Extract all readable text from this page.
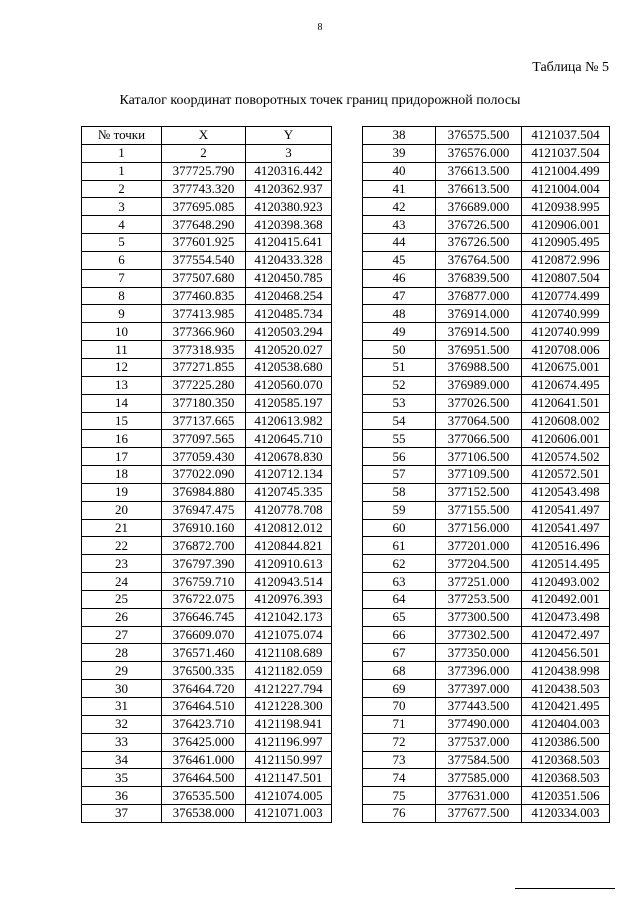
8
Таблица № 5
Каталог координат поворотных точек границ придорожной полосы
№ точки	X	Y
1	2	3
1	377725.790	4120316.442
2	377743.320	4120362.937
3	377695.085	4120380.923
4	377648.290	4120398.368
5	377601.925	4120415.641
6	377554.540	4120433.328
7	377507.680	4120450.785
8	377460.835	4120468.254
9	377413.985	4120485.734
10	377366.960	4120503.294
11	377318.935	4120520.027
12	377271.855	4120538.680
13	377225.280	4120560.070
14	377180.350	4120585.197
15	377137.665	4120613.982
16	377097.565	4120645.710
17	377059.430	4120678.830
18	377022.090	4120712.134
19	376984.880	4120745.335
20	376947.475	4120778.708
21	376910.160	4120812.012
22	376872.700	4120844.821
23	376797.390	4120910.613
24	376759.710	4120943.514
25	376722.075	4120976.393
26	376646.745	4121042.173
27	376609.070	4121075.074
28	376571.460	4121108.689
29	376500.335	4121182.059
30	376464.720	4121227.794
31	376464.510	4121228.300
32	376423.710	4121198.941
33	376425.000	4121196.997
34	376461.000	4121150.997
35	376464.500	4121147.501
36	376535.500	4121074.005
37	376538.000	4121071.003
38	376575.500	4121037.504
39	376576.000	4121037.504
40	376613.500	4121004.499
41	376613.500	4121004.004
42	376689.000	4120938.995
43	376726.500	4120906.001
44	376726.500	4120905.495
45	376764.500	4120872.996
46	376839.500	4120807.504
47	376877.000	4120774.499
48	376914.000	4120740.999
49	376914.500	4120740.999
50	376951.500	4120708.006
51	376988.500	4120675.001
52	376989.000	4120674.495
53	377026.500	4120641.501
54	377064.500	4120608.002
55	377066.500	4120606.001
56	377106.500	4120574.502
57	377109.500	4120572.501
58	377152.500	4120543.498
59	377155.500	4120541.497
60	377156.000	4120541.497
61	377201.000	4120516.496
62	377204.500	4120514.495
63	377251.000	4120493.002
64	377253.500	4120492.001
65	377300.500	4120473.498
66	377302.500	4120472.497
67	377350.000	4120456.501
68	377396.000	4120438.998
69	377397.000	4120438.503
70	377443.500	4120421.495
71	377490.000	4120404.003
72	377537.000	4120386.500
73	377584.500	4120368.503
74	377585.000	4120368.503
75	377631.000	4120351.506
76	377677.500	4120334.003
